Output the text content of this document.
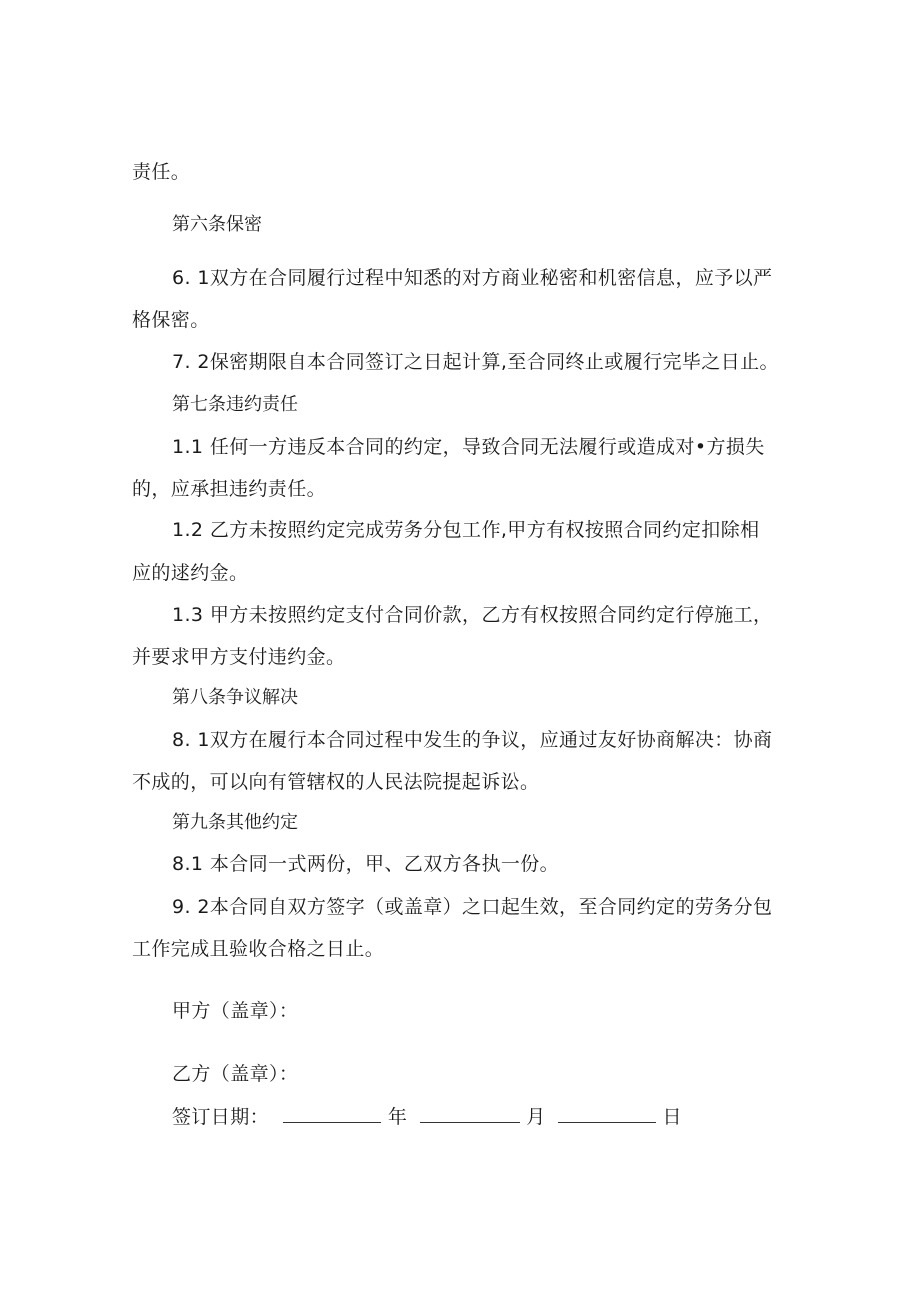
责任。
第六条保密
6. 1双方在合同履行过程中知悉的对方商业秘密和机密信息，应予以严
格保密。
7. 2保密期限自本合同签订之日起计算,至合同终止或履行完毕之日止。
第七条违约责任
1.1 任何一方违反本合同的约定，导致合同无法履行或造成对•方损失
的，应承担违约责任。
1.2 乙方未按照约定完成劳务分包工作,甲方有权按照合同约定扣除相
应的逑约金。
1.3 甲方未按照约定支付合同价款，乙方有权按照合同约定行停施工，
并要求甲方支付违约金。
第八条争议解决
8. 1双方在履行本合同过程中发生的争议，应通过友好协商解决：协商
不成的，可以向有管辖权的人民法院提起诉讼。
第九条其他约定
8.1 本合同一式两份，甲、乙双方各执一份。
9. 2本合同自双方签字（或盖章）之口起生效，至合同约定的劳务分包
工作完成且验收合格之日止。
甲方（盖章）：
乙方（盖章）：
签订日期：	年	月	日
